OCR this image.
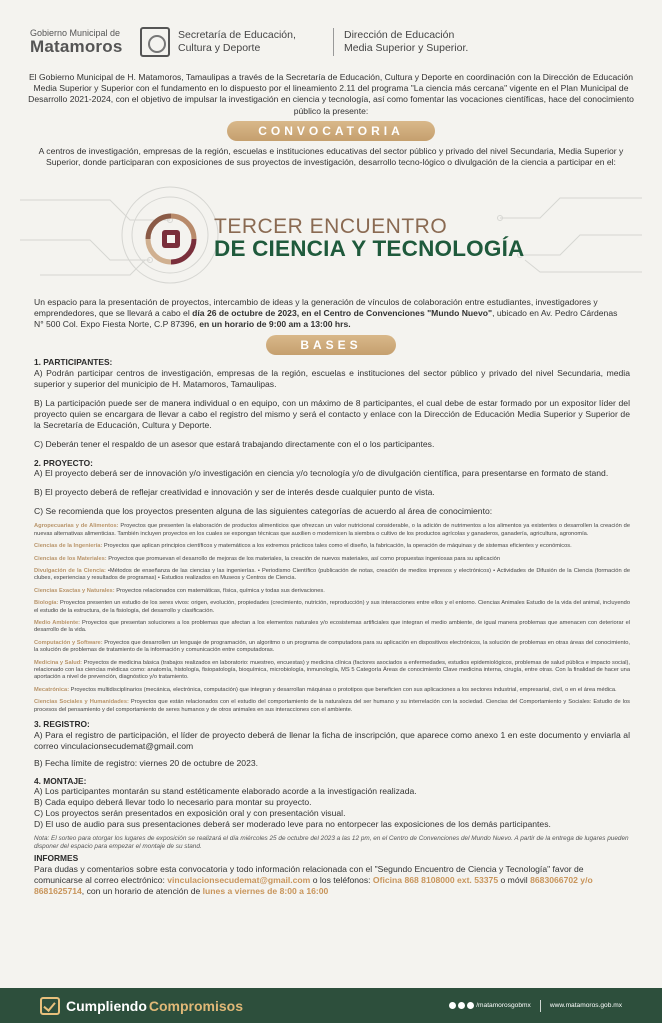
Gobierno Municipal de
Matamoros
Secretaría de Educación,
Cultura y Deporte
Dirección de Educación
Media Superior y Superior.
El Gobierno Municipal de H. Matamoros, Tamaulipas a través de la Secretaría de Educación, Cultura y Deporte en coordinación con la Dirección de Educación Media Superior y Superior con el fundamento en lo dispuesto por el lineamiento 2.11 del programa "La ciencia más cercana" vigente en el Plan Municipal de Desarrollo 2021-2024, con el objetivo de impulsar la investigación en ciencia y tecnología, así como fomentar las vocaciones científicas, hace del conocimiento público la presente:
CONVOCATORIA
A centros de investigación, empresas de la región, escuelas e instituciones educativas del sector público y privado del nivel Secundaria, Media Superior y Superior, donde participaran con exposiciones de sus proyectos de investigación, desarrollo tecno-lógico o divulgación de la ciencia a participar en el:
TERCER ENCUENTRO
DE CIENCIA Y TECNOLOGÍA
Un espacio para la presentación de proyectos, intercambio de ideas y la generación de vínculos de colaboración entre estudiantes, investigadores y emprendedores, que se llevará a cabo el día 26 de octubre de 2023, en el Centro de Convenciones "Mundo Nuevo", ubicado en Av. Pedro Cárdenas N° 500 Col. Expo Fiesta Norte, C.P 87396, en un horario de 9:00 am a 13:00 hrs.
BASES
1. PARTICIPANTES:
A) Podrán participar centros de investigación, empresas de la región, escuelas e instituciones del sector público y privado del nivel Secundaria, media superior y superior del municipio de H. Matamoros, Tamaulipas.
B) La participación puede ser de manera individual o en equipo, con un máximo de 8 participantes, el cual debe de estar formado por un expositor líder del proyecto quien se encargara de llevar a cabo el registro del mismo y será el contacto y enlace con la Dirección de Educación Media Superior y Superior de la Secretaría de Educación, Cultura y Deporte.
C) Deberán tener el respaldo de un asesor que estará trabajando directamente con el o los participantes.
2. PROYECTO:
A) El proyecto deberá ser de innovación y/o investigación en ciencia y/o tecnología y/o de divulgación científica, para presentarse en formato de stand.
B) El proyecto deberá de reflejar creatividad e innovación y ser de interés desde cualquier punto de vista.
C) Se recomienda que los proyectos presenten alguna de las siguientes categorías de acuerdo al área de conocimiento:
Agropecuarias y de Alimentos: Proyectos que presenten la elaboración de productos alimenticios que ofrezcan un valor nutricional considerable, o la adición de nutrimentos a los alimentos ya existentes o desarrollen la creación de nuevas alternativas alimenticias. También incluyen proyectos en los cuales se expongan técnicas que auxilien o modernicen la siembra o cultivo de los productos agrícolas y ganaderos, ganadería, agricultura, agronomía.
Ciencias de la Ingeniería: Proyectos que aplican principios científicos y matemáticos a los extremos prácticos tales como el diseño, la fabricación, la operación de máquinas y de sistemas eficientes y económicos.
Ciencias de los Materiales: Proyectos que promuevan el desarrollo de mejoras de los materiales, la creación de nuevos materiales, así como propuestas ingeniosas para su aplicación
Divulgación de la Ciencia: •Métodos de enseñanza de las ciencias y las ingenierías. • Periodismo Científico (publicación de notas, creación de medios impresos y electrónicos) • Actividades de Difusión de la Ciencia (formación de clubes, experiencias y resultados de programas) • Estudios realizados en Museos y Centros de Ciencia.
Ciencias Exactas y Naturales: Proyectos relacionados con matemáticas, física, química y todas sus derivaciones.
Biología: Proyectos presenten un estudio de los seres vivos: origen, evolución, propiedades (crecimiento, nutrición, reproducción) y sus interacciones entre ellos y el entorno. Ciencias Animales Estudio de la vida del animal, incluyendo el estudio de la estructura, de la fisiología, del desarrollo y clasificación.
Medio Ambiente: Proyectos que presentan soluciones a los problemas que afectan a los elementos naturales y/o ecosistemas artificiales que integran el medio ambiente, de igual manera problemas que amenacen con deteriorar el desarrollo de la vida.
Computación y Software: Proyectos que desarrollen un lenguaje de programación, un algoritmo o un programa de computadora para su aplicación en dispositivos electrónicos, la solución de problemas en otras áreas del conocimiento, la solución de problemas de tratamiento de la información y comunicación entre computadoras.
Medicina y Salud: Proyectos de medicina básica (trabajos realizados en laboratorio: muestreo, encuestas) y medicina clínica (factores asociados a enfermedades, estudios epidemiológicos, problemas de salud pública e impacto social), relacionado con las ciencias médicas como: anatomía, histología, fisiopatología, bioquímica, microbiología, inmunología, MS 5 Categoría Áreas de conocimiento Clave medicina interna, cirugía, entre otras. Con la finalidad de hacer una aportación a nivel de prevención, diagnóstico y/o tratamiento.
Mecatrónica: Proyectos multidisciplinarios (mecánica, electrónica, computación) que integran y desarrollan máquinas o prototipos que beneficien con sus aplicaciones a los sectores industrial, empresarial, civil, o en el área médica.
Ciencias Sociales y Humanidades: Proyectos que están relacionados con el estudio del comportamiento de la naturaleza del ser humano y su interrelación con la sociedad. Ciencias del Comportamiento y Sociales: Estudio de los procesos del pensamiento y del comportamiento de seres humanos y de otros animales en sus interacciones con el ambiente.
3. REGISTRO:
A) Para el registro de participación, el líder de proyecto deberá de llenar la ficha de inscripción, que aparece como anexo 1 en este documento y enviarla al correo vinculacionsecudemat@gmail.com
B) Fecha límite de registro: viernes 20 de octubre de 2023.
4. MONTAJE:
A) Los participantes montarán su stand estéticamente elaborado acorde a la investigación realizada.
B) Cada equipo deberá llevar todo lo necesario para montar su proyecto.
C) Los proyectos serán presentados en exposición oral y con presentación visual.
D) El uso de audio para sus presentaciones deberá ser moderado leve para no entorpecer las exposiciones de los demás participantes.
Nota: El sorteo para otorgar los lugares de exposición se realizará el día miércoles 25 de octubre del 2023 a las 12 pm, en el Centro de Convenciones del Mundo Nuevo. A partir de la entrega de lugares pueden disponer del espacio para empezar el montaje de su stand.
INFORMES
Para dudas y comentarios sobre esta convocatoria y todo información relacionada con el "Segundo Encuentro de Ciencia y Tecnología" favor de comunicarse al correo electrónico: vinculacionsecudemat@gmail.com o los teléfonos: Oficina 868 8108000 ext. 53375 o móvil 8683066702 y/o 8681625714, con un horario de atención de lunes a viernes de 8:00 a 16:00
Cumpliendo Compromisos	/matamorosgobmx	www.matamoros.gob.mx
